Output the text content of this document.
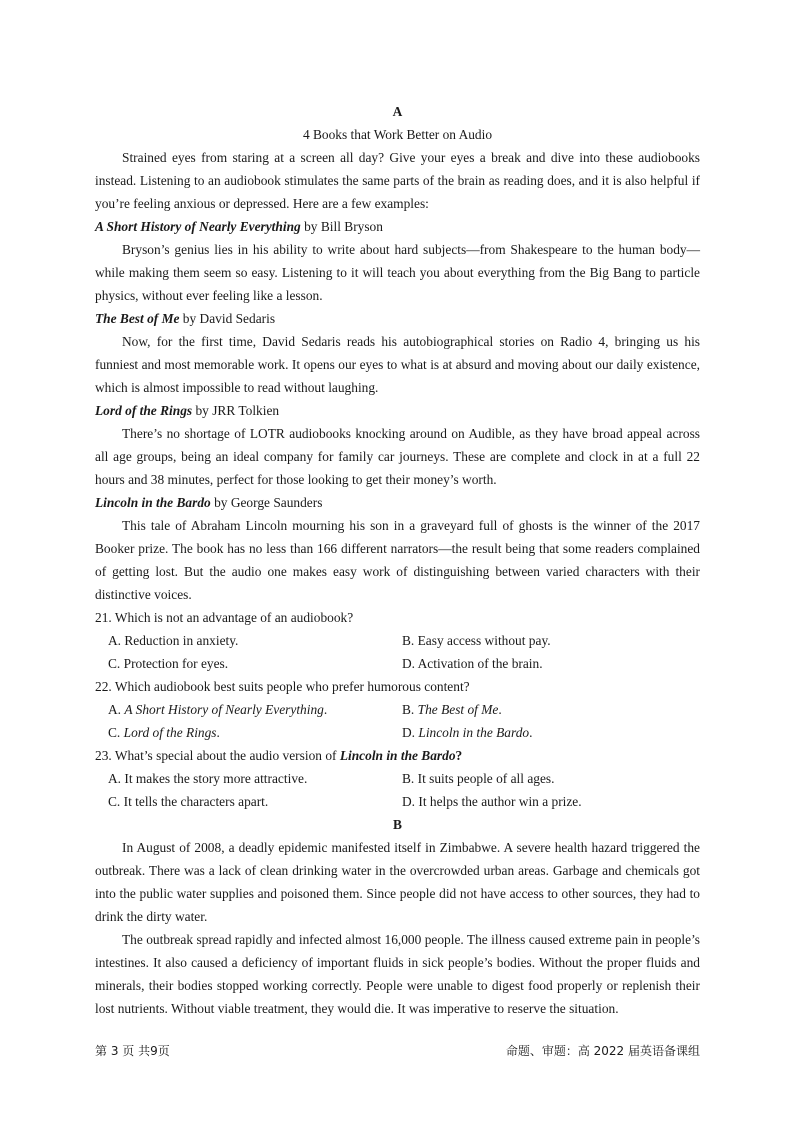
A

4 Books that Work Better on Audio

Strained eyes from staring at a screen all day? Give your eyes a break and dive into these audiobooks instead. Listening to an audiobook stimulates the same parts of the brain as reading does, and it is also helpful if you’re feeling anxious or depressed. Here are a few examples:

A Short History of Nearly Everything by Bill Bryson

Bryson’s genius lies in his ability to write about hard subjects—from Shakespeare to the human body—while making them seem so easy. Listening to it will teach you about everything from the Big Bang to particle physics, without ever feeling like a lesson.

The Best of Me by David Sedaris

Now, for the first time, David Sedaris reads his autobiographical stories on Radio 4, bringing us his funniest and most memorable work. It opens our eyes to what is at absurd and moving about our daily existence, which is almost impossible to read without laughing.

Lord of the Rings by JRR Tolkien

There’s no shortage of LOTR audiobooks knocking around on Audible, as they have broad appeal across all age groups, being an ideal company for family car journeys. These are complete and clock in at a full 22 hours and 38 minutes, perfect for those looking to get their money’s worth.

Lincoln in the Bardo by George Saunders

This tale of Abraham Lincoln mourning his son in a graveyard full of ghosts is the winner of the 2017 Booker prize. The book has no less than 166 different narrators—the result being that some readers complained of getting lost. But the audio one makes easy work of distinguishing between varied characters with their distinctive voices.

21. Which is not an advantage of an audiobook?

A. Reduction in anxiety.	B. Easy access without pay.
C. Protection for eyes.	D. Activation of the brain.

22. Which audiobook best suits people who prefer humorous content?

A. A Short History of Nearly Everything.	B. The Best of Me.
C. Lord of the Rings.	D. Lincoln in the Bardo.

23. What’s special about the audio version of Lincoln in the Bardo?

A. It makes the story more attractive.	B. It suits people of all ages.
C. It tells the characters apart.	D. It helps the author win a prize.

B

In August of 2008, a deadly epidemic manifested itself in Zimbabwe. A severe health hazard triggered the outbreak. There was a lack of clean drinking water in the overcrowded urban areas. Garbage and chemicals got into the public water supplies and poisoned them. Since people did not have access to other sources, they had to drink the dirty water.

The outbreak spread rapidly and infected almost 16,000 people. The illness caused extreme pain in people’s intestines. It also caused a deficiency of important fluids in sick people’s bodies. Without the proper fluids and minerals, their bodies stopped working correctly. People were unable to digest food properly or replenish their lost nutrients. Without viable treatment, they would die. It was imperative to reserve the situation.

第 3 页 共9页	命题、审题：高 2022 届英语备课组
